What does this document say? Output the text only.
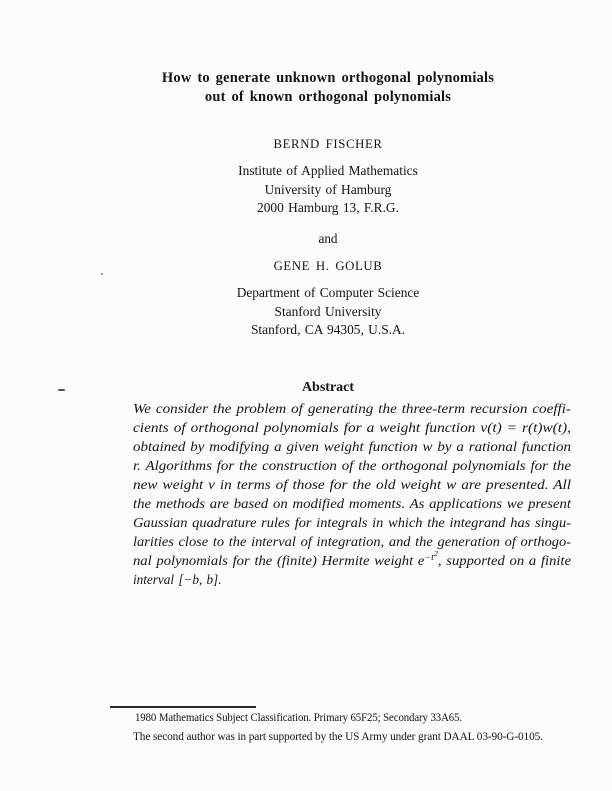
How to generate unknown orthogonal polynomials
out of known orthogonal polynomials
BERND FISCHER
Institute of Applied Mathematics
University of Hamburg
2000 Hamburg 13, F.R.G.
and
GENE H. GOLUB
Department of Computer Science
Stanford University
Stanford, CA 94305, U.S.A.
Abstract
We consider the problem of generating the three-term recursion coeffi-
cients of orthogonal polynomials for a weight function v(t) = r(t)w(t),
obtained by modifying a given weight function w by a rational function
r. Algorithms for the construction of the orthogonal polynomials for the
new weight v in terms of those for the old weight w are presented. All
the methods are based on modified moments. As applications we present
Gaussian quadrature rules for integrals in which the integrand has singu-
larities close to the interval of integration, and the generation of orthogo-
nal polynomials for the (finite) Hermite weight $e^{-t^2}$, supported on a finite
interval [−b, b].
1980 Mathematics Subject Classification. Primary 65F25; Secondary 33A65.
The second author was in part supported by the US Army under grant DAAL 03-90-G-0105.
